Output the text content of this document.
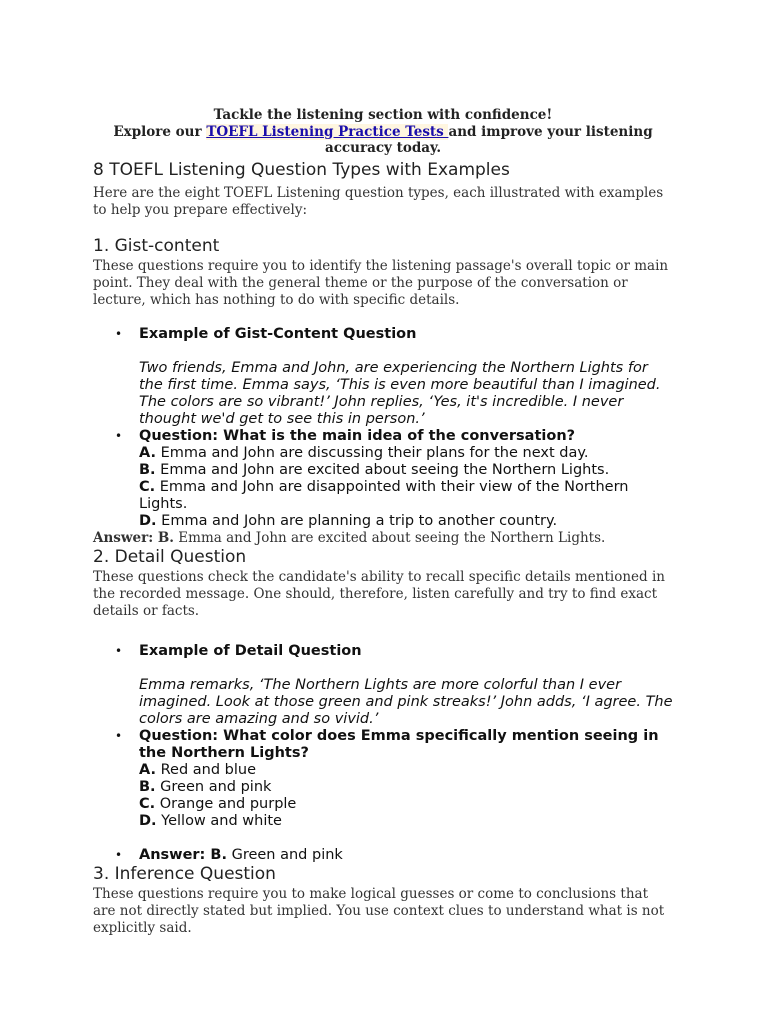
Tackle the listening section with confidence!
Explore our TOEFL Listening Practice Tests and improve your listening accuracy today.
8 TOEFL Listening Question Types with Examples

Here are the eight TOEFL Listening question types, each illustrated with examples to help you prepare effectively:

1. Gist-content

These questions require you to identify the listening passage's overall topic or main point. They deal with the general theme or the purpose of the conversation or lecture, which has nothing to do with specific details.

• Example of Gist-Content Question
Two friends, Emma and John, are experiencing the Northern Lights for the first time. Emma says, ‘This is even more beautiful than I imagined. The colors are so vibrant!’ John replies, ‘Yes, it's incredible. I never thought we'd get to see this in person.’
• Question: What is the main idea of the conversation?
A. Emma and John are discussing their plans for the next day.
B. Emma and John are excited about seeing the Northern Lights.
C. Emma and John are disappointed with their view of the Northern Lights.
D. Emma and John are planning a trip to another country.

Answer: B. Emma and John are excited about seeing the Northern Lights.

2. Detail Question

These questions check the candidate's ability to recall specific details mentioned in the recorded message. One should, therefore, listen carefully and try to find exact details or facts.

• Example of Detail Question
Emma remarks, ‘The Northern Lights are more colorful than I ever imagined. Look at those green and pink streaks!’ John adds, ‘I agree. The colors are amazing and so vivid.’
• Question: What color does Emma specifically mention seeing in the Northern Lights?
A. Red and blue
B. Green and pink
C. Orange and purple
D. Yellow and white
• Answer: B. Green and pink
3. Inference Question

These questions require you to make logical guesses or come to conclusions that are not directly stated but implied. You use context clues to understand what is not explicitly said.
